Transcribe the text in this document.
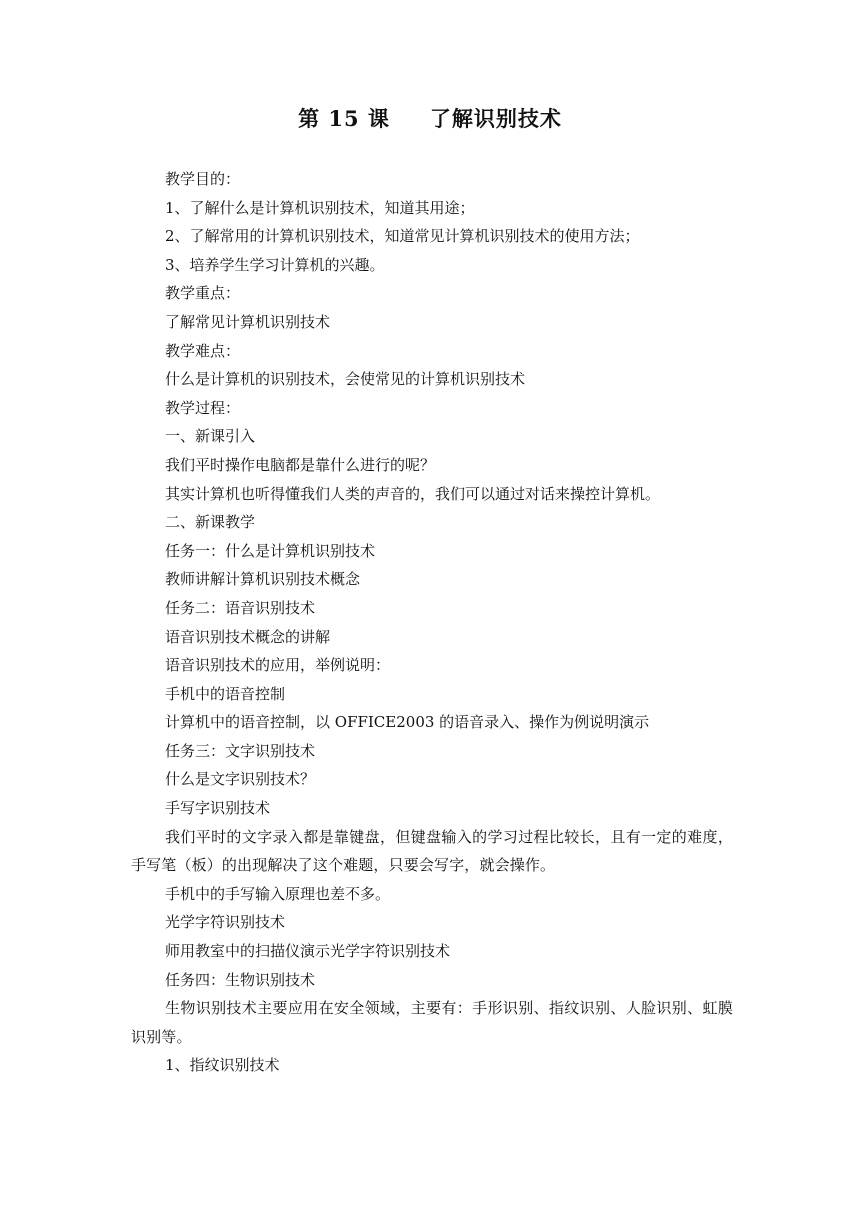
第 15 课 了解识别技术

教学目的：

1、了解什么是计算机识别技术，知道其用途；

2、了解常用的计算机识别技术，知道常见计算机识别技术的使用方法；

3、培养学生学习计算机的兴趣。

教学重点：

了解常见计算机识别技术

教学难点：

什么是计算机的识别技术，会使常见的计算机识别技术

教学过程：

一、新课引入

我们平时操作电脑都是靠什么进行的呢？

其实计算机也听得懂我们人类的声音的，我们可以通过对话来操控计算机。

二、新课教学

任务一：什么是计算机识别技术

教师讲解计算机识别技术概念

任务二：语音识别技术

语音识别技术概念的讲解

语音识别技术的应用，举例说明：

手机中的语音控制

计算机中的语音控制，以 OFFICE2003 的语音录入、操作为例说明演示

任务三：文字识别技术

什么是文字识别技术？

手写字识别技术

我们平时的文字录入都是靠键盘，但键盘输入的学习过程比较长，且有一定的难度，手写笔（板）的出现解决了这个难题，只要会写字，就会操作。

手机中的手写输入原理也差不多。

光学字符识别技术

师用教室中的扫描仪演示光学字符识别技术

任务四：生物识别技术

生物识别技术主要应用在安全领域，主要有：手形识别、指纹识别、人脸识别、虹膜识别等。

1、指纹识别技术
